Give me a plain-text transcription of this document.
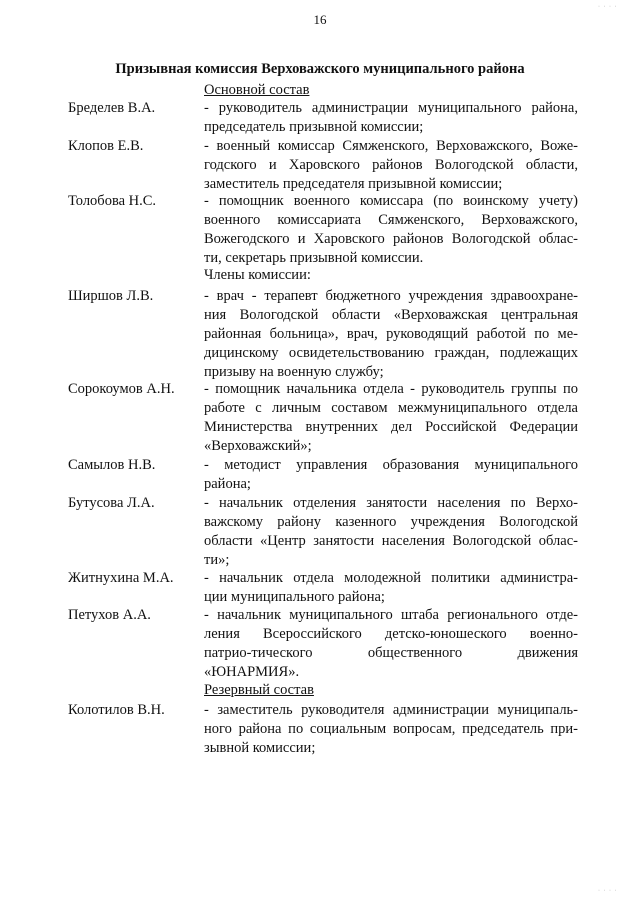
16
Призывная комиссия Верховажского муниципального района
Основной состав
Бределев В.А.	- руководитель администрации муниципального района,
председатель призывной комиссии;
Клопов Е.В.	- военный комиссар Сямженского, Верховажского, Воже-
годского и Харовского районов Вологодской области,
заместитель председателя призывной комиссии;
Толобова Н.С.	- помощник военного комиссара (по воинскому учету)
военного комиссариата Сямженского, Верховажского,
Вожегодского и Харовского районов Вологодской облас-
ти, секретарь призывной комиссии.
Члены комиссии:
Ширшов Л.В.	- врач - терапевт бюджетного учреждения здравоохране-
ния Вологодской области «Верховажская центральная
районная больница», врач, руководящий работой по ме-
дицинскому освидетельствованию граждан, подлежащих
призыву на военную службу;
Сорокоумов А.Н. - помощник начальника отдела - руководитель группы по
работе с личным составом межмуниципального отдела
Министерства внутренних дел Российской Федерации
«Верховажский»;
Самылов Н.В.	- методист управления образования муниципального
района;
Бутусова Л.А.	- начальник отделения занятости населения по Верхо-
важскому району казенного учреждения Вологодской
области «Центр занятости населения Вологодской облас-
ти»;
Житнухина М.А. - начальник отдела молодежной политики администра-
ции муниципального района;
Петухов А.А.	- начальник муниципального штаба регионального отде-
ления Всероссийского детско-юношеского военно-
патрио-тического общественного движения
«ЮНАРМИЯ».
Резервный состав
Колотилов В.Н.	- заместитель руководителя администрации муниципаль-
ного района по социальным вопросам, председатель при-
зывной комиссии;
· · · ·
· · · ·
